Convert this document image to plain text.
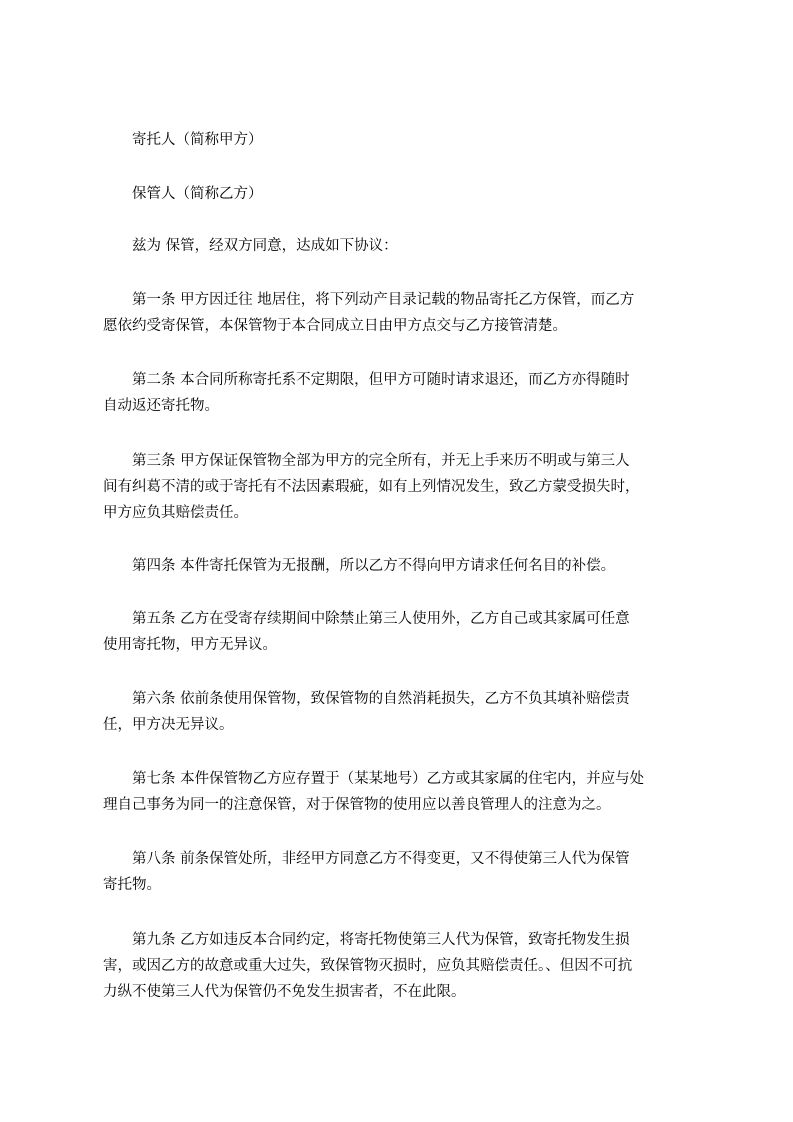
　　寄托人（简称甲方）
　　保管人（简称乙方）
　　兹为 保管，经双方同意，达成如下协议：
　　第一条 甲方因迁往 地居住，将下列动产目录记载的物品寄托乙方保管，而乙方
愿依约受寄保管，本保管物于本合同成立日由甲方点交与乙方接管清楚。
　　第二条 本合同所称寄托系不定期限，但甲方可随时请求退还，而乙方亦得随时
自动返还寄托物。
　　第三条 甲方保证保管物全部为甲方的完全所有，并无上手来历不明或与第三人
间有纠葛不清的或于寄托有不法因素瑕疵，如有上列情况发生，致乙方蒙受损失时，
甲方应负其赔偿责任。
　　第四条 本件寄托保管为无报酬，所以乙方不得向甲方请求任何名目的补偿。
　　第五条 乙方在受寄存续期间中除禁止第三人使用外，乙方自己或其家属可任意
使用寄托物，甲方无异议。
　　第六条 依前条使用保管物，致保管物的自然消耗损失，乙方不负其填补赔偿责
任，甲方决无异议。
　　第七条 本件保管物乙方应存置于（某某地号）乙方或其家属的住宅内，并应与处
理自己事务为同一的注意保管，对于保管物的使用应以善良管理人的注意为之。
　　第八条 前条保管处所，非经甲方同意乙方不得变更，又不得使第三人代为保管
寄托物。
　　第九条 乙方如违反本合同约定，将寄托物使第三人代为保管，致寄托物发生损
害，或因乙方的故意或重大过失，致保管物灭损时，应负其赔偿责任。、但因不可抗
力纵不使第三人代为保管仍不免发生损害者，不在此限。
